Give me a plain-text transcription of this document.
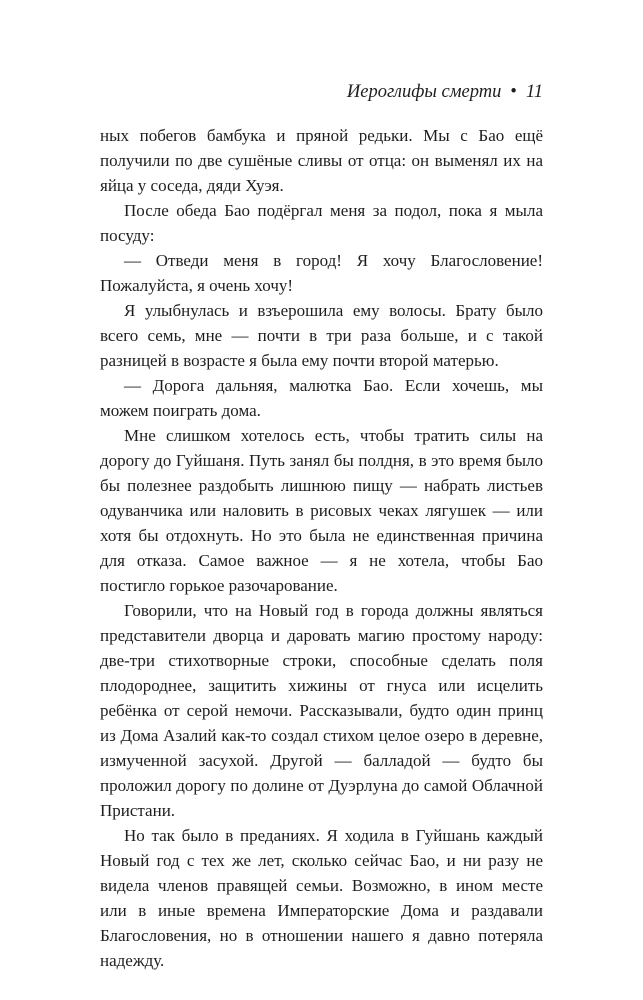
Иероглифы смерти • 11

ных побегов бамбука и пряной редьки. Мы с Бао ещё получили по две сушёные сливы от отца: он выменял их на яйца у соседа, дяди Хуэя.

После обеда Бао подёргал меня за подол, пока я мыла посуду:

— Отведи меня в город! Я хочу Благословение! Пожалуйста, я очень хочу!

Я улыбнулась и взъерошила ему волосы. Брату было всего семь, мне — почти в три раза больше, и с такой разницей в возрасте я была ему почти второй матерью.

— Дорога дальняя, малютка Бао. Если хочешь, мы можем поиграть дома.

Мне слишком хотелось есть, чтобы тратить силы на дорогу до Гуйшаня. Путь занял бы полдня, в это время было бы полезнее раздобыть лишнюю пищу — набрать листьев одуванчика или наловить в рисовых чеках лягушек — или хотя бы отдохнуть. Но это была не единственная причина для отказа. Самое важное — я не хотела, чтобы Бао постигло горькое разочарование.

Говорили, что на Новый год в города должны являться представители дворца и даровать магию простому народу: две-три стихотворные строки, способные сделать поля плодороднее, защитить хижины от гнуса или исцелить ребёнка от серой немочи. Рассказывали, будто один принц из Дома Азалий как-то создал стихом целое озеро в деревне, измученной засухой. Другой — балладой — будто бы проложил дорогу по долине от Дуэрлуна до самой Облачной Пристани.

Но так было в преданиях. Я ходила в Гуйшань каждый Новый год с тех же лет, сколько сейчас Бао, и ни разу не видела членов правящей семьи. Возможно, в ином месте или в иные времена Императорские Дома и раздавали Благословения, но в отношении нашего я давно потеряла надежду.
